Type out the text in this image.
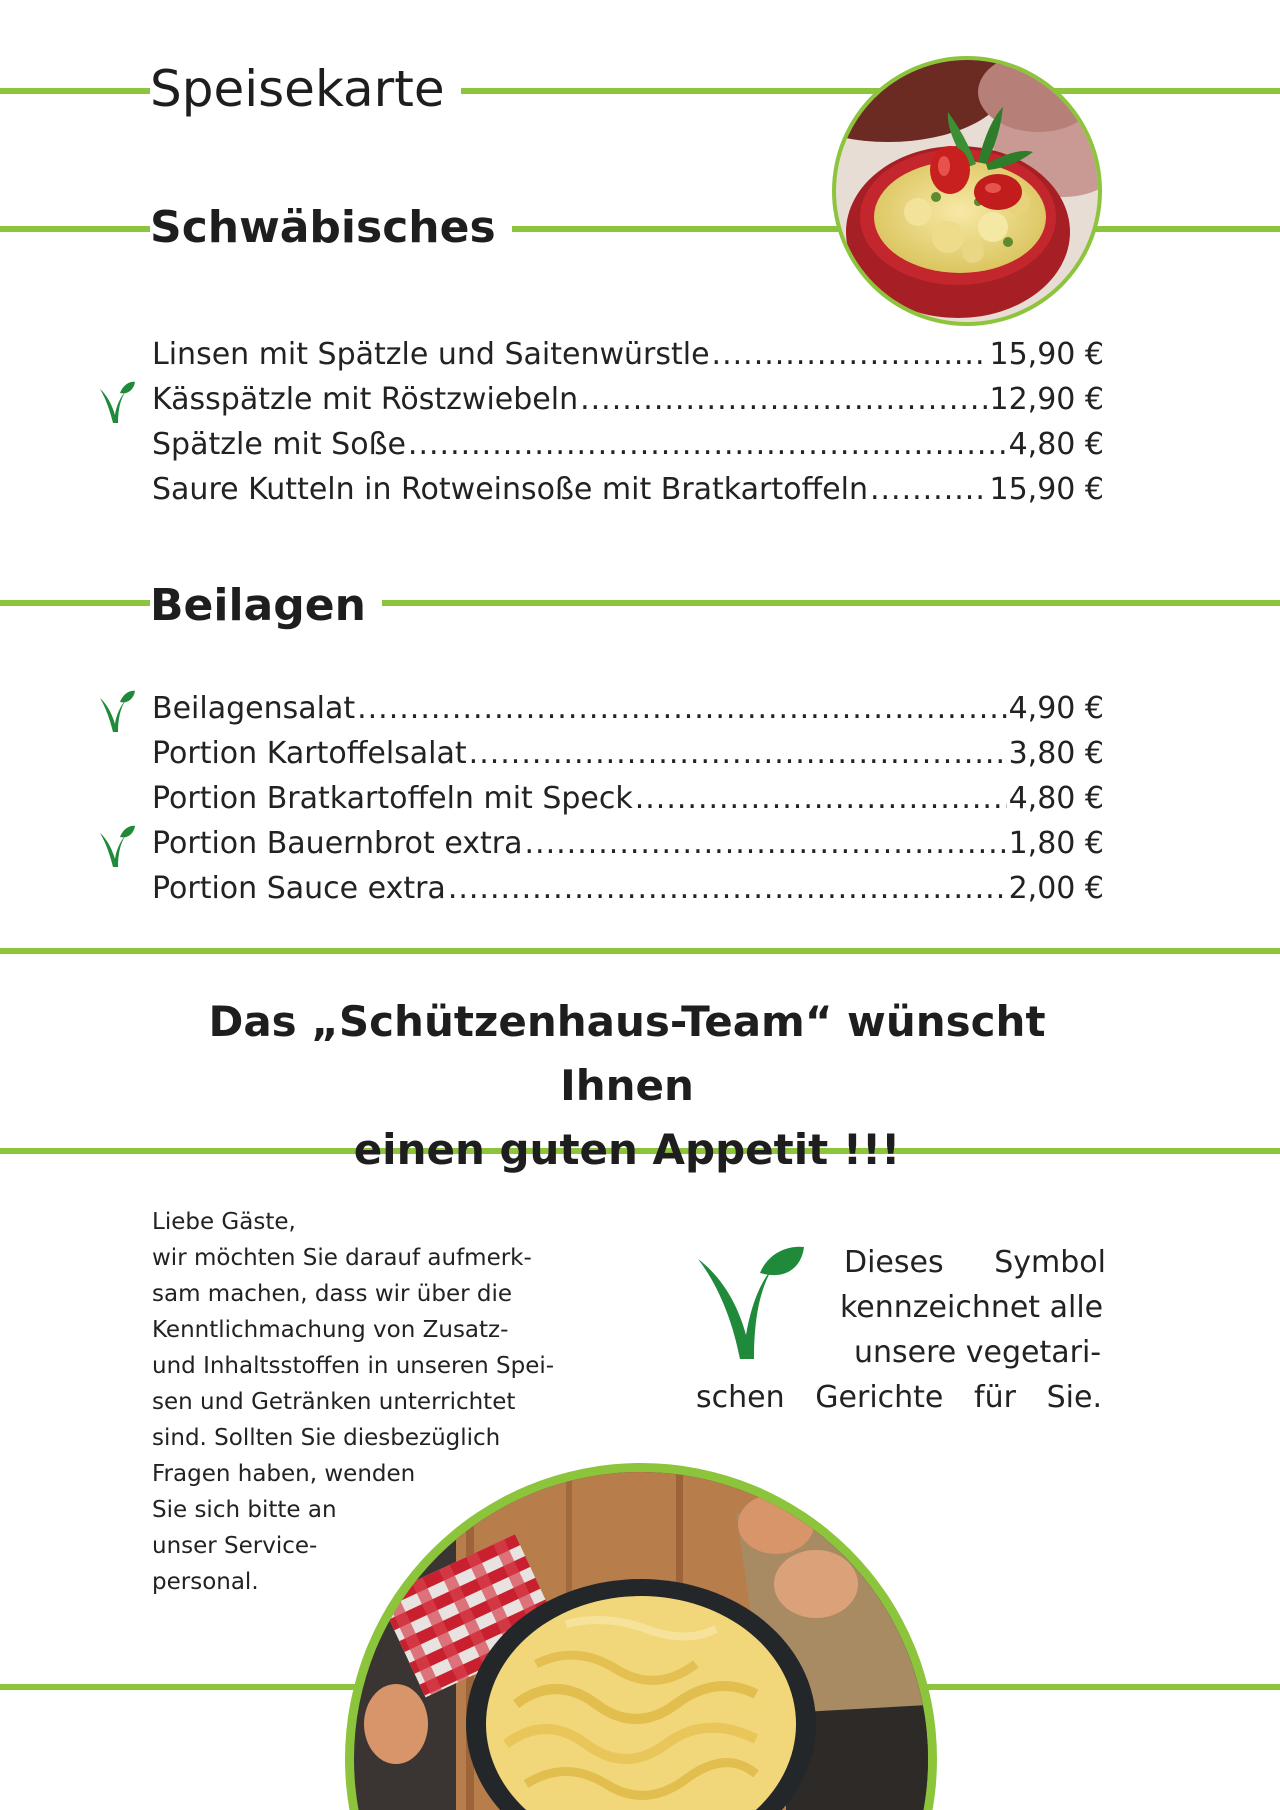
Speisekarte
Schwäbisches
Beilagen
Linsen mit Spätzle und Saitenwürstle .....	15,90 €
Kässpätzle mit Röstzwiebeln .....	12,90 €
Spätzle mit Soße .....	4,80 €
Saure Kutteln in Rotweinsoße mit Bratkartoffeln .....	15,90 €
Beilagensalat .....	4,90 €
Portion Kartoffelsalat .....	3,80 €
Portion Bratkartoffeln mit Speck .....	4,80 €
Portion Bauernbrot extra .....	1,80 €
Portion Sauce extra .....	2,00 €

Das „Schützenhaus-Team“ wünscht Ihnen
einen guten Appetit !!!

Liebe Gäste,

wir möchten Sie darauf aufmerk-

sam machen, dass wir über die

Kenntlichmachung von Zusatz-

und Inhaltsstoffen in unseren Spei-

sen und Getränken unterrichtet

sind. Sollten Sie diesbezüglich

Fragen haben, wenden

Sie sich bitte an

unser Service-

personal.

Dieses Symbol
kennzeichnet alle
unsere vegetari-
schen Gerichte für Sie.
